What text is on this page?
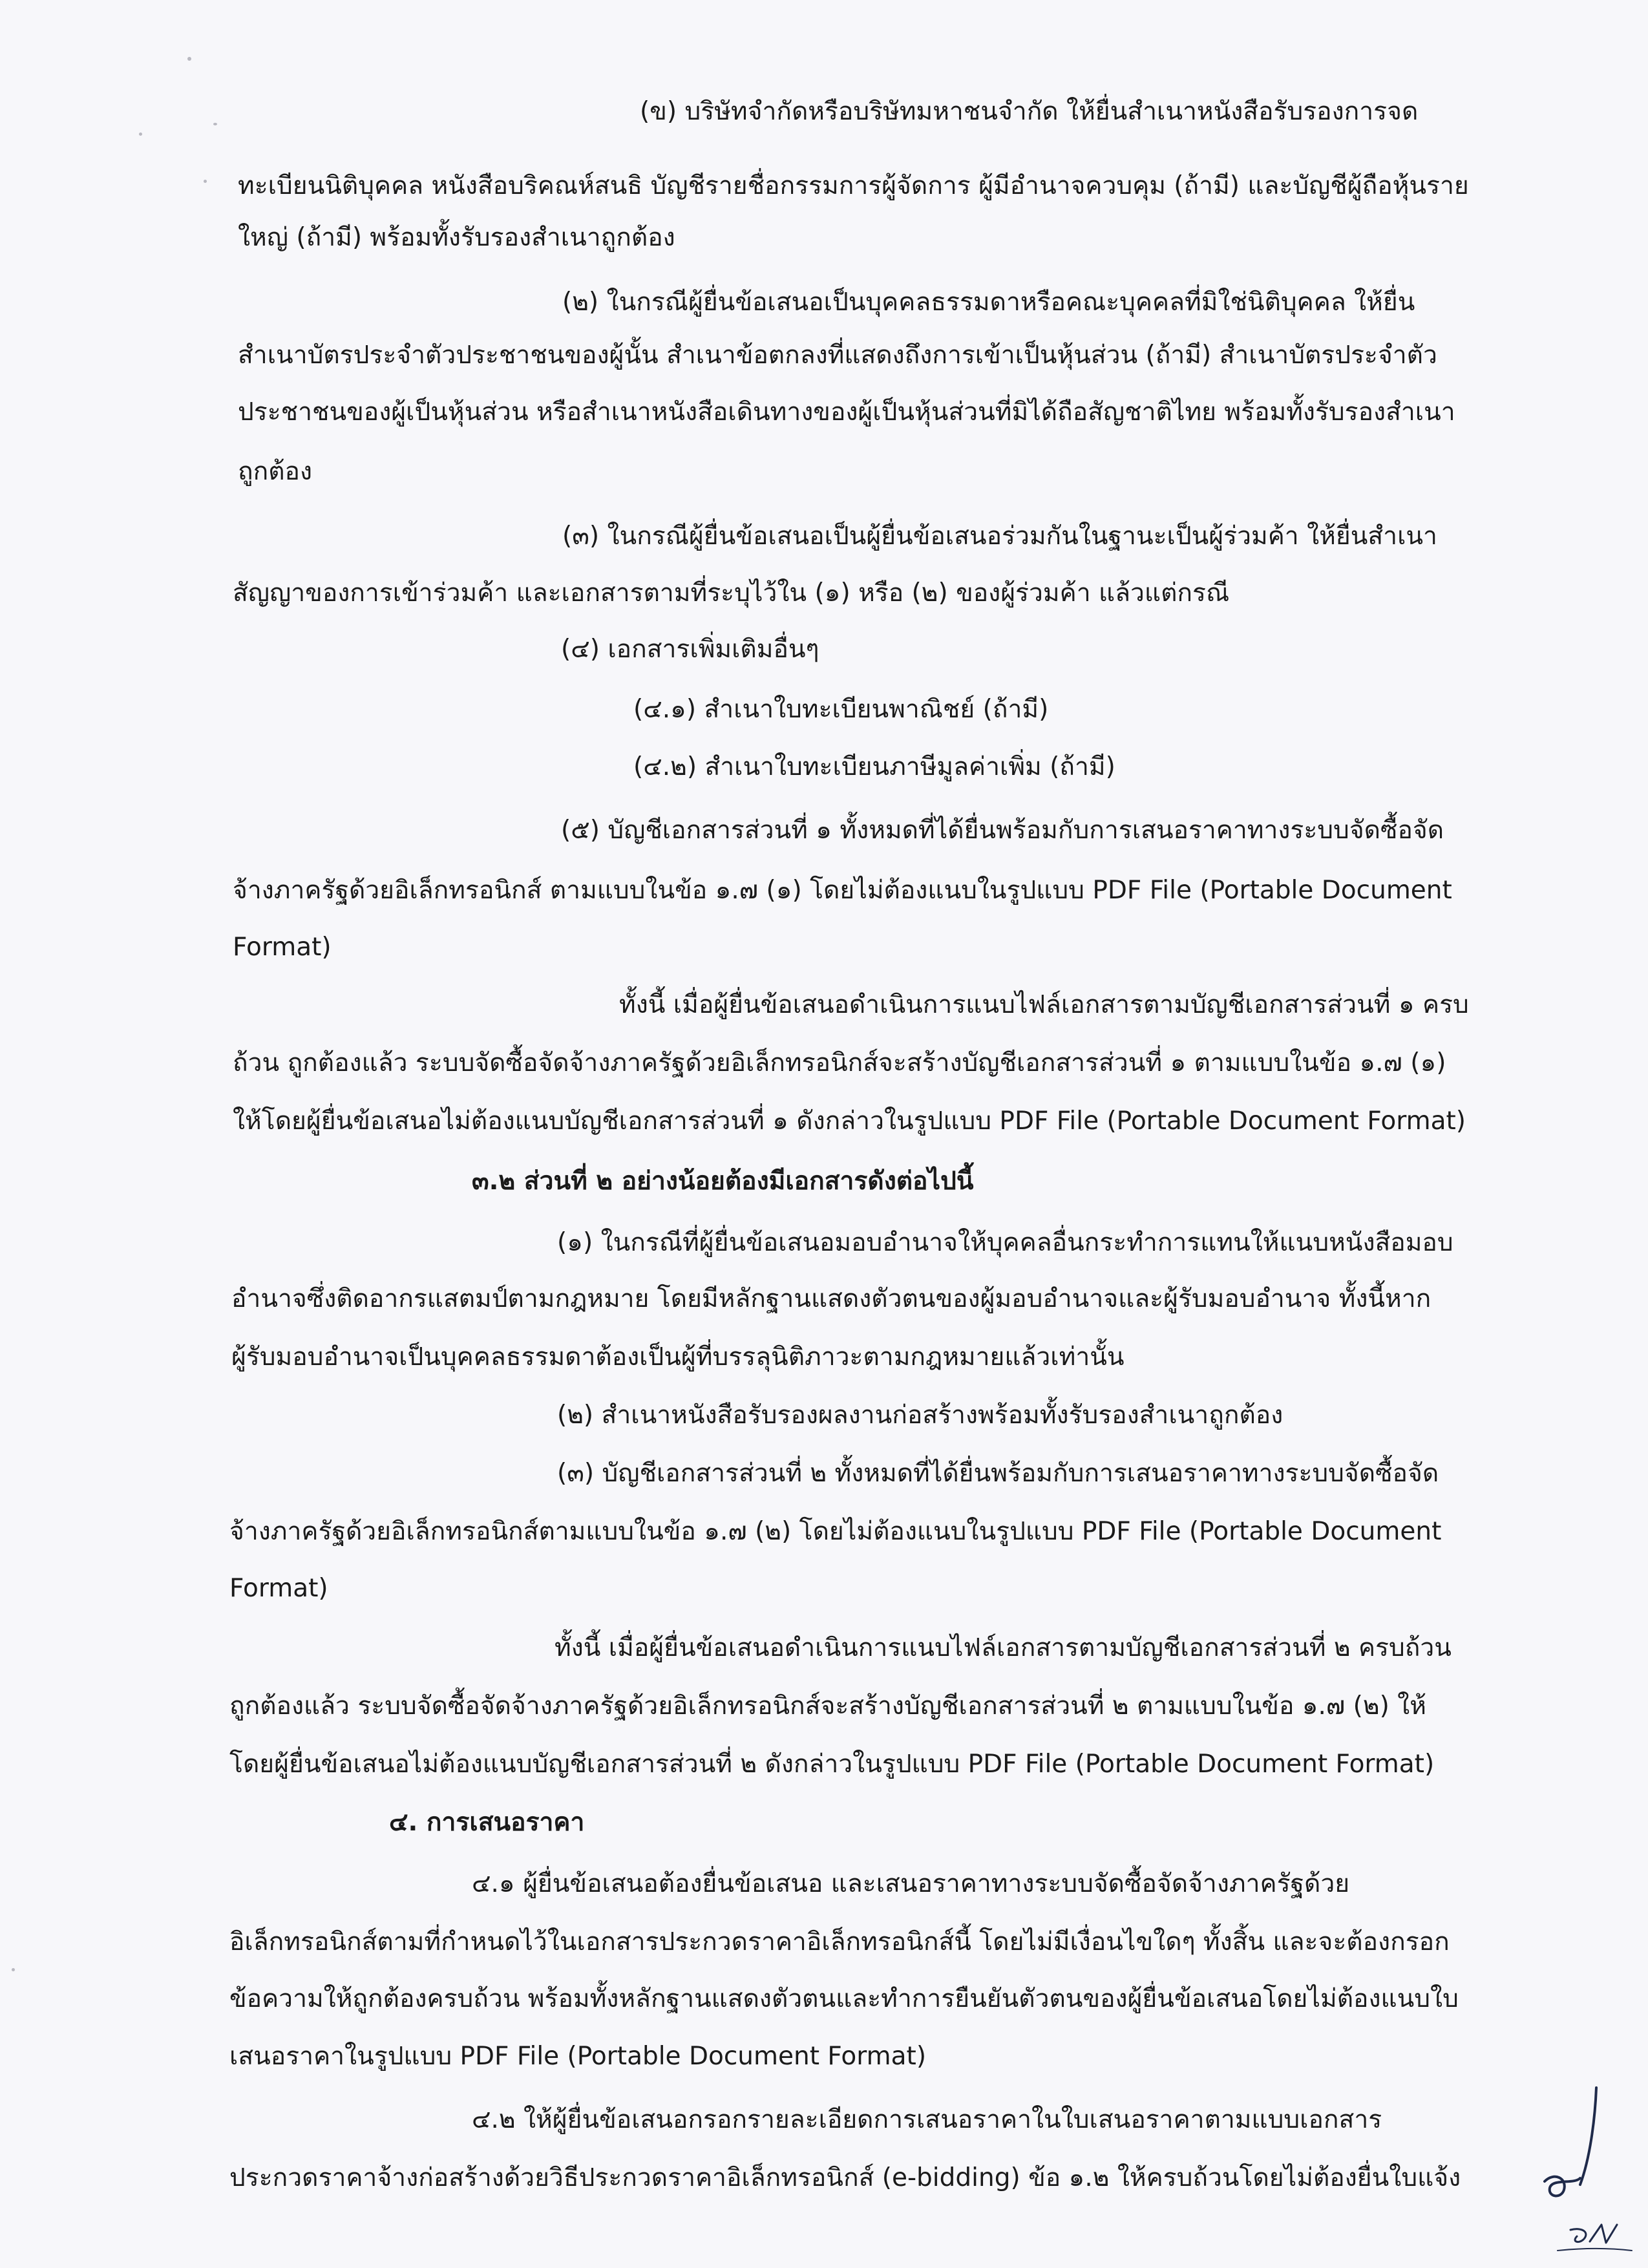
(ข) บริษัทจำกัดหรือบริษัทมหาชนจำกัด ให้ยื่นสำเนาหนังสือรับรองการจด
ทะเบียนนิติบุคคล หนังสือบริคณห์สนธิ บัญชีรายชื่อกรรมการผู้จัดการ ผู้มีอำนาจควบคุม (ถ้ามี) และบัญชีผู้ถือหุ้นราย
ใหญ่ (ถ้ามี) พร้อมทั้งรับรองสำเนาถูกต้อง
(๒) ในกรณีผู้ยื่นข้อเสนอเป็นบุคคลธรรมดาหรือคณะบุคคลที่มิใช่นิติบุคคล ให้ยื่น
สำเนาบัตรประจำตัวประชาชนของผู้นั้น สำเนาข้อตกลงที่แสดงถึงการเข้าเป็นหุ้นส่วน (ถ้ามี) สำเนาบัตรประจำตัว
ประชาชนของผู้เป็นหุ้นส่วน หรือสำเนาหนังสือเดินทางของผู้เป็นหุ้นส่วนที่มิได้ถือสัญชาติไทย พร้อมทั้งรับรองสำเนา
ถูกต้อง
(๓) ในกรณีผู้ยื่นข้อเสนอเป็นผู้ยื่นข้อเสนอร่วมกันในฐานะเป็นผู้ร่วมค้า ให้ยื่นสำเนา
สัญญาของการเข้าร่วมค้า และเอกสารตามที่ระบุไว้ใน (๑) หรือ (๒) ของผู้ร่วมค้า แล้วแต่กรณี
(๔) เอกสารเพิ่มเติมอื่นๆ
(๔.๑) สำเนาใบทะเบียนพาณิชย์ (ถ้ามี)
(๔.๒) สำเนาใบทะเบียนภาษีมูลค่าเพิ่ม (ถ้ามี)
(๕) บัญชีเอกสารส่วนที่ ๑ ทั้งหมดที่ได้ยื่นพร้อมกับการเสนอราคาทางระบบจัดซื้อจัด
จ้างภาครัฐด้วยอิเล็กทรอนิกส์ ตามแบบในข้อ ๑.๗ (๑) โดยไม่ต้องแนบในรูปแบบ PDF File (Portable Document
Format)
ทั้งนี้ เมื่อผู้ยื่นข้อเสนอดำเนินการแนบไฟล์เอกสารตามบัญชีเอกสารส่วนที่ ๑ ครบ
ถ้วน ถูกต้องแล้ว ระบบจัดซื้อจัดจ้างภาครัฐด้วยอิเล็กทรอนิกส์จะสร้างบัญชีเอกสารส่วนที่ ๑ ตามแบบในข้อ ๑.๗ (๑)
ให้โดยผู้ยื่นข้อเสนอไม่ต้องแนบบัญชีเอกสารส่วนที่ ๑ ดังกล่าวในรูปแบบ PDF File (Portable Document Format)
๓.๒ ส่วนที่ ๒ อย่างน้อยต้องมีเอกสารดังต่อไปนี้
(๑) ในกรณีที่ผู้ยื่นข้อเสนอมอบอำนาจให้บุคคลอื่นกระทำการแทนให้แนบหนังสือมอบ
อำนาจซึ่งติดอากรแสตมป์ตามกฎหมาย โดยมีหลักฐานแสดงตัวตนของผู้มอบอำนาจและผู้รับมอบอำนาจ ทั้งนี้หาก
ผู้รับมอบอำนาจเป็นบุคคลธรรมดาต้องเป็นผู้ที่บรรลุนิติภาวะตามกฎหมายแล้วเท่านั้น
(๒) สำเนาหนังสือรับรองผลงานก่อสร้างพร้อมทั้งรับรองสำเนาถูกต้อง
(๓) บัญชีเอกสารส่วนที่ ๒ ทั้งหมดที่ได้ยื่นพร้อมกับการเสนอราคาทางระบบจัดซื้อจัด
จ้างภาครัฐด้วยอิเล็กทรอนิกส์ตามแบบในข้อ ๑.๗ (๒) โดยไม่ต้องแนบในรูปแบบ PDF File (Portable Document
Format)
ทั้งนี้ เมื่อผู้ยื่นข้อเสนอดำเนินการแนบไฟล์เอกสารตามบัญชีเอกสารส่วนที่ ๒ ครบถ้วน
ถูกต้องแล้ว ระบบจัดซื้อจัดจ้างภาครัฐด้วยอิเล็กทรอนิกส์จะสร้างบัญชีเอกสารส่วนที่ ๒ ตามแบบในข้อ ๑.๗ (๒) ให้
โดยผู้ยื่นข้อเสนอไม่ต้องแนบบัญชีเอกสารส่วนที่ ๒ ดังกล่าวในรูปแบบ PDF File (Portable Document Format)
๔. การเสนอราคา
๔.๑ ผู้ยื่นข้อเสนอต้องยื่นข้อเสนอ และเสนอราคาทางระบบจัดซื้อจัดจ้างภาครัฐด้วย
อิเล็กทรอนิกส์ตามที่กำหนดไว้ในเอกสารประกวดราคาอิเล็กทรอนิกส์นี้ โดยไม่มีเงื่อนไขใดๆ ทั้งสิ้น และจะต้องกรอก
ข้อความให้ถูกต้องครบถ้วน พร้อมทั้งหลักฐานแสดงตัวตนและทำการยืนยันตัวตนของผู้ยื่นข้อเสนอโดยไม่ต้องแนบใบ
เสนอราคาในรูปแบบ PDF File (Portable Document Format)
๔.๒ ให้ผู้ยื่นข้อเสนอกรอกรายละเอียดการเสนอราคาในใบเสนอราคาตามแบบเอกสาร
ประกวดราคาจ้างก่อสร้างด้วยวิธีประกวดราคาอิเล็กทรอนิกส์ (e-bidding) ข้อ ๑.๒ ให้ครบถ้วนโดยไม่ต้องยื่นใบแจ้ง
